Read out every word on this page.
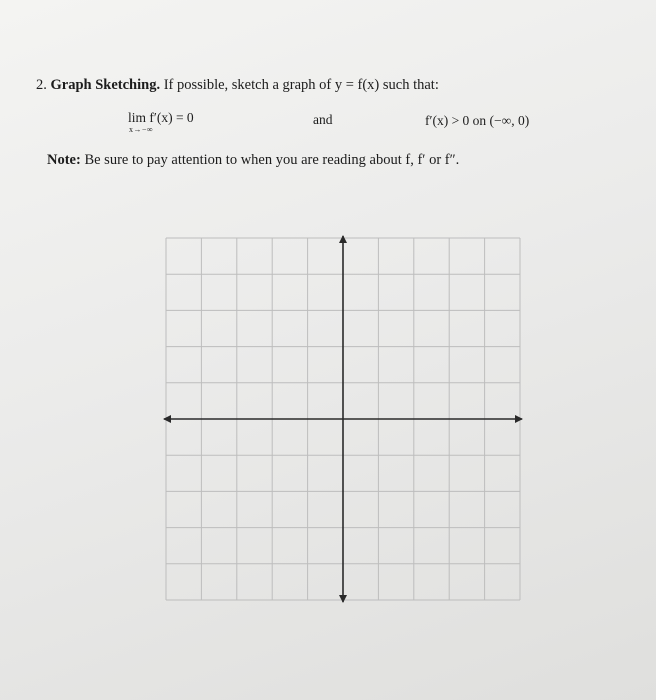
2. Graph Sketching. If possible, sketch a graph of y = f(x) such that:
lim f′(x) = 0
x→−∞
and	f′(x) > 0 on (−∞, 0)
Note: Be sure to pay attention to when you are reading about f, f′ or f″.
